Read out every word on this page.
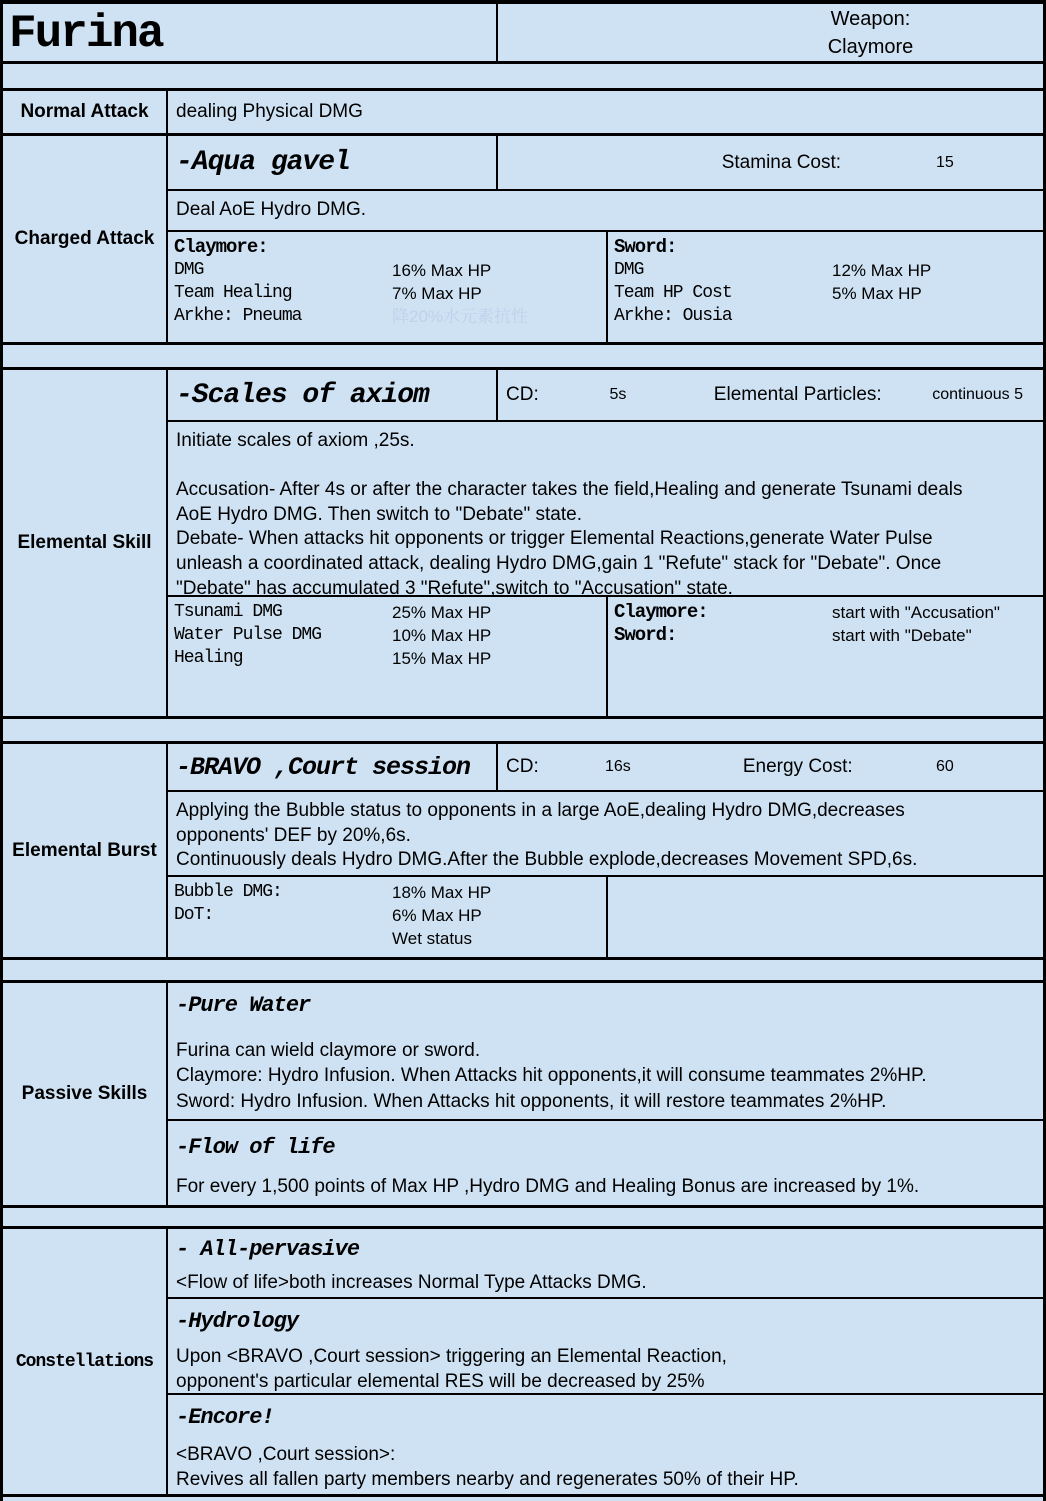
Furina	Weapon:
Claymore
Normal Attack	dealing Physical DMG
Charged Attack
-Aqua gavel	Stamina Cost:	15
Deal AoE Hydro DMG.
Claymore:
DMG	16% Max HP
Team Healing	7% Max HP
Arkhe: Pneuma	降20%水元素抗性
Sword:
DMG	12% Max HP
Team HP Cost	5% Max HP
Arkhe: Ousia
Elemental Skill
-Scales of axiom	CD:	5s	Elemental Particles:	continuous 5
Initiate scales of axiom ,25s.
Accusation- After 4s or after the character takes the field,Healing and generate Tsunami deals
AoE Hydro DMG. Then switch to "Debate" state.
Debate- When attacks hit opponents or trigger Elemental Reactions,generate Water Pulse
unleash a coordinated attack, dealing Hydro DMG,gain 1 "Refute" stack for "Debate". Once
"Debate" has accumulated 3 "Refute",switch to "Accusation" state.
Tsunami DMG	25% Max HP
Water Pulse DMG	10% Max HP
Healing	15% Max HP
Claymore:	start with "Accusation"
Sword:	start with "Debate"
Elemental Burst
-BRAVO ,Court session CD:	16s	Energy Cost:	60
Applying the Bubble status to opponents in a large AoE,dealing Hydro DMG,decreases
opponents' DEF by 20%,6s.
Continuously deals Hydro DMG.After the Bubble explode,decreases Movement SPD,6s.
Bubble DMG:	18% Max HP
DoT:	6% Max HP
Wet status
Passive Skills
-Pure Water
Furina can wield claymore or sword.
Claymore: Hydro Infusion. When Attacks hit opponents,it will consume teammates 2%HP.
Sword: Hydro Infusion. When Attacks hit opponents, it will restore teammates 2%HP.
-Flow of life
For every 1,500 points of Max HP ,Hydro DMG and Healing Bonus are increased by 1%.
Constellations
- All-pervasive
<Flow of life>both increases Normal Type Attacks DMG.
-Hydrology
Upon <BRAVO ,Court session> triggering an Elemental Reaction,
opponent's particular elemental RES will be decreased by 25%
-Encore!
<BRAVO ,Court session>:
Revives all fallen party members nearby and regenerates 50% of their HP.
